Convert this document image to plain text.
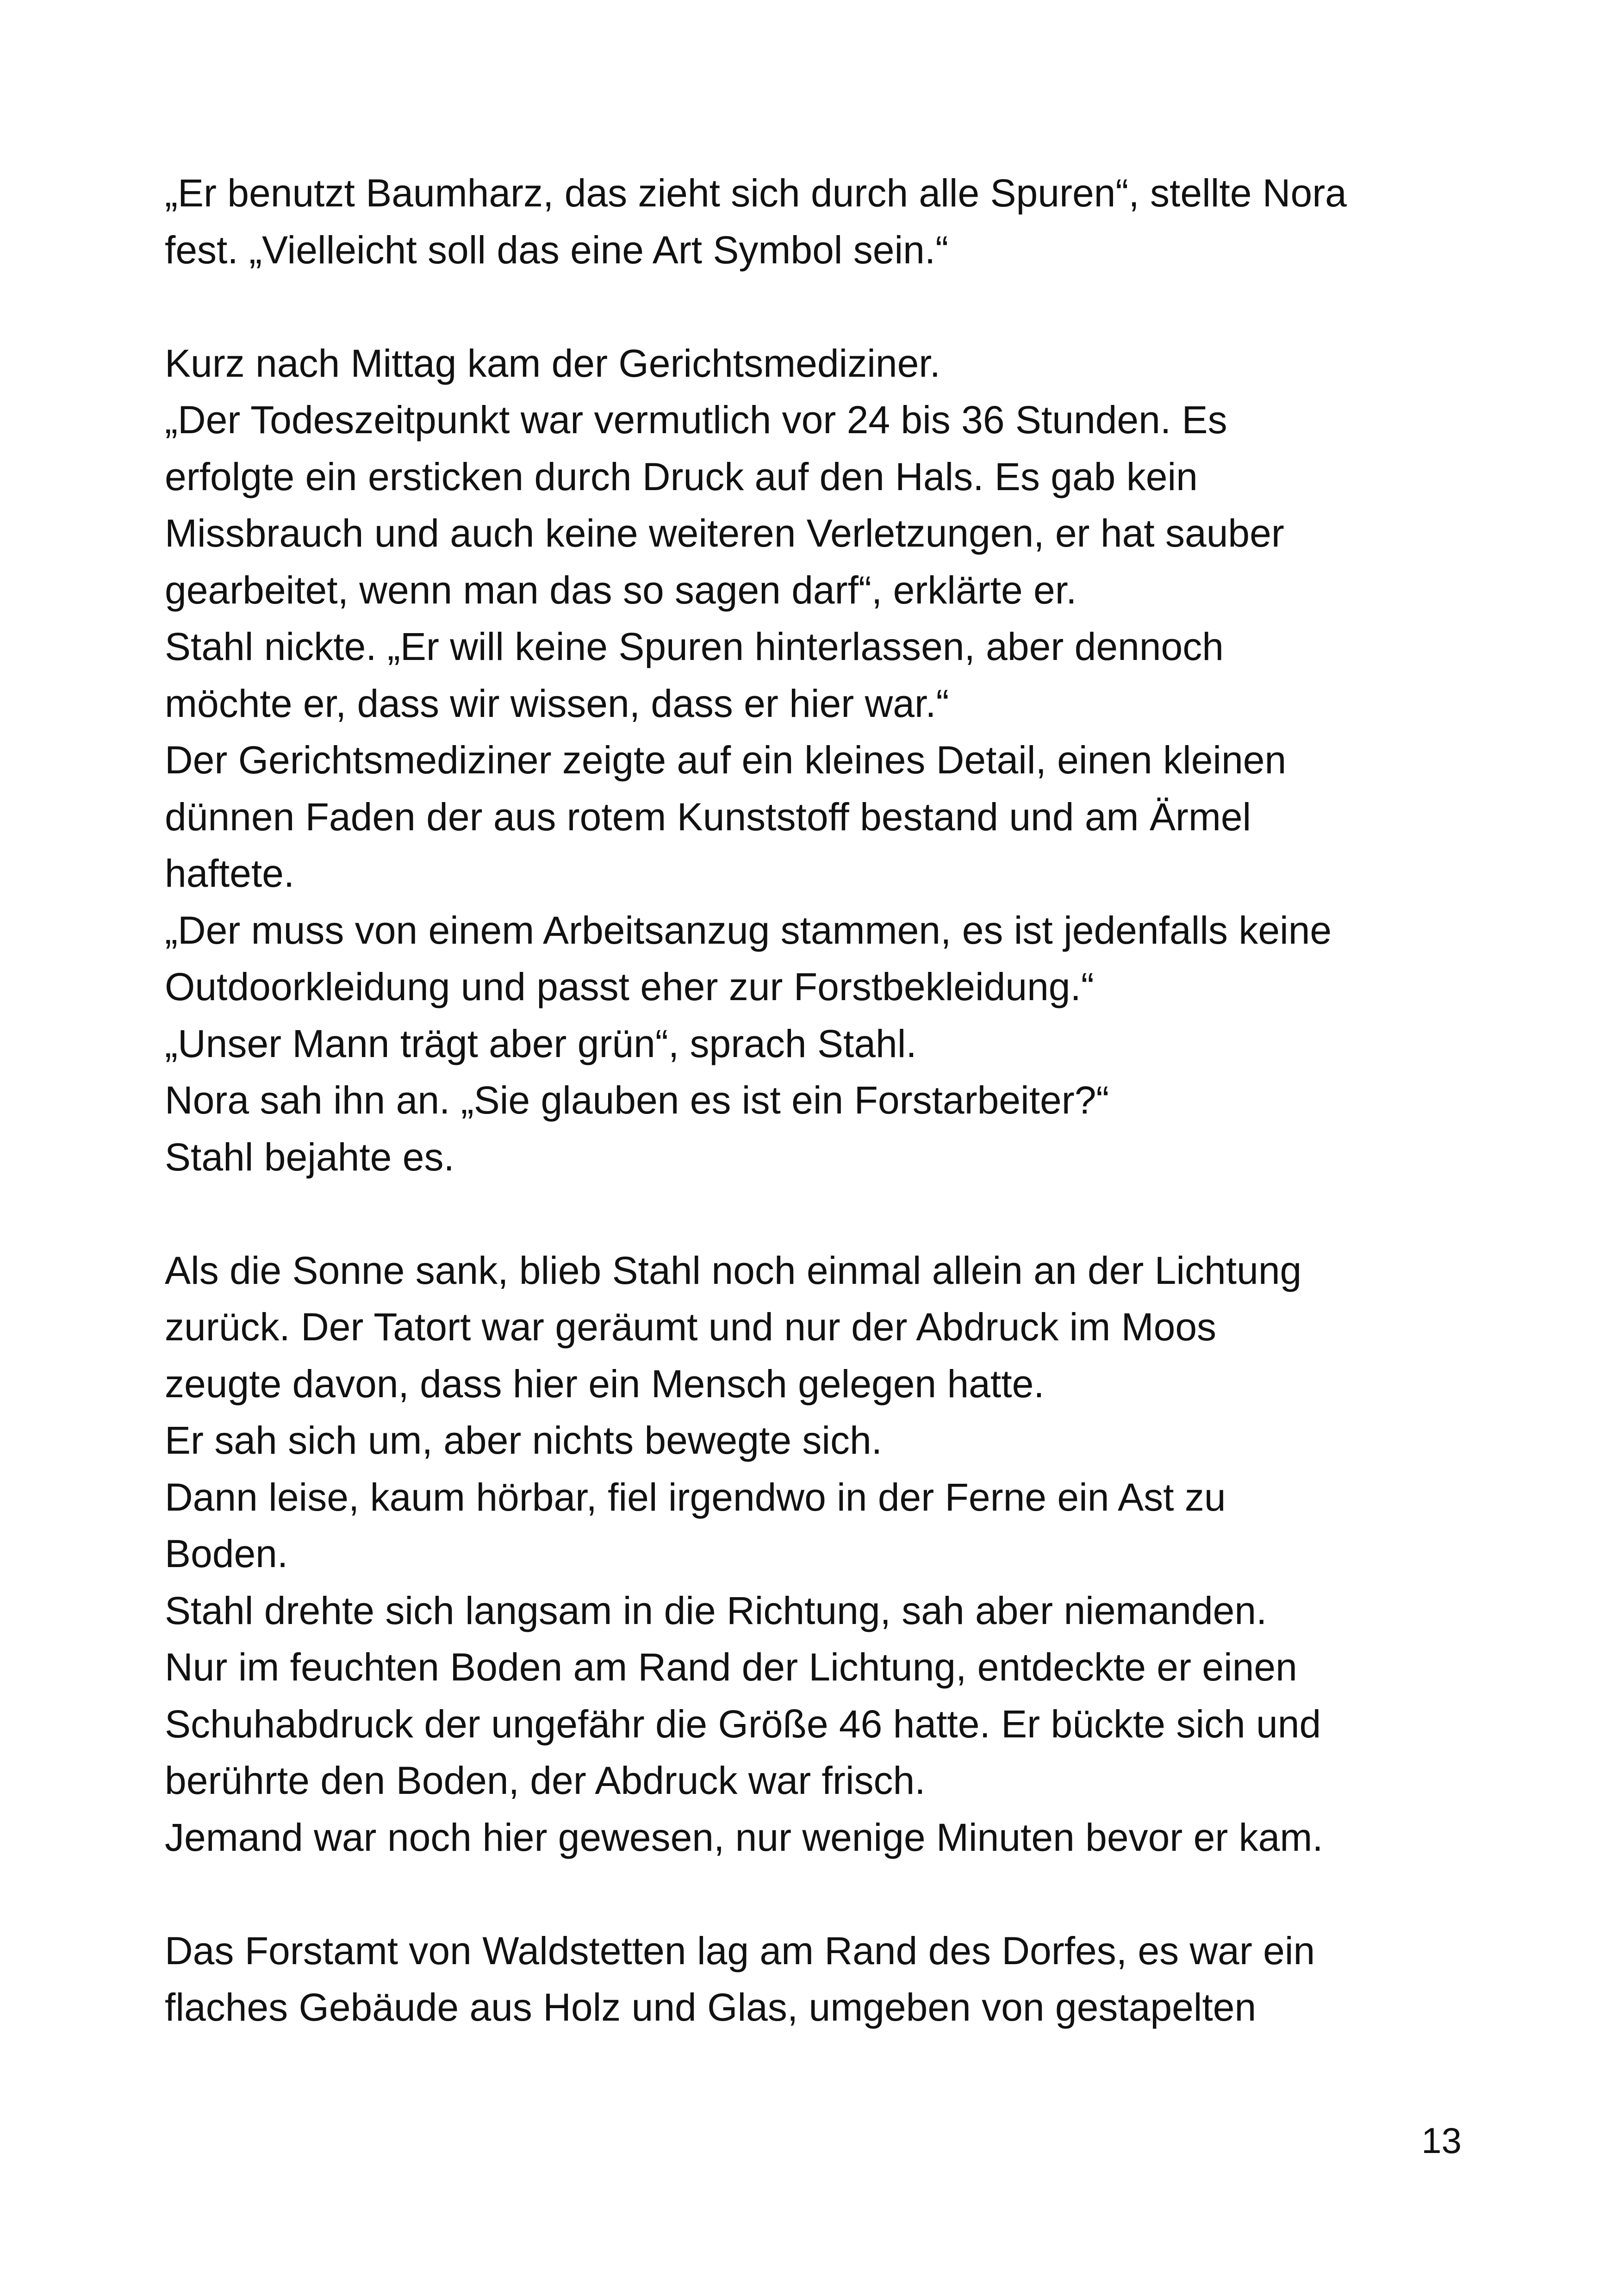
„Er benutzt Baumharz, das zieht sich durch alle Spuren“, stellte Nora
fest. „Vielleicht soll das eine Art Symbol sein.“
Kurz nach Mittag kam der Gerichtsmediziner.
„Der Todeszeitpunkt war vermutlich vor 24 bis 36 Stunden. Es
erfolgte ein ersticken durch Druck auf den Hals. Es gab kein
Missbrauch und auch keine weiteren Verletzungen, er hat sauber
gearbeitet, wenn man das so sagen darf“, erklärte er.
Stahl nickte. „Er will keine Spuren hinterlassen, aber dennoch
möchte er, dass wir wissen, dass er hier war.“
Der Gerichtsmediziner zeigte auf ein kleines Detail, einen kleinen
dünnen Faden der aus rotem Kunststoff bestand und am Ärmel
haftete.
„Der muss von einem Arbeitsanzug stammen, es ist jedenfalls keine
Outdoorkleidung und passt eher zur Forstbekleidung.“
„Unser Mann trägt aber grün“, sprach Stahl.
Nora sah ihn an. „Sie glauben es ist ein Forstarbeiter?“
Stahl bejahte es.
Als die Sonne sank, blieb Stahl noch einmal allein an der Lichtung
zurück. Der Tatort war geräumt und nur der Abdruck im Moos
zeugte davon, dass hier ein Mensch gelegen hatte.
Er sah sich um, aber nichts bewegte sich.
Dann leise, kaum hörbar, fiel irgendwo in der Ferne ein Ast zu
Boden.
Stahl drehte sich langsam in die Richtung, sah aber niemanden.
Nur im feuchten Boden am Rand der Lichtung, entdeckte er einen
Schuhabdruck der ungefähr die Größe 46 hatte. Er bückte sich und
berührte den Boden, der Abdruck war frisch.
Jemand war noch hier gewesen, nur wenige Minuten bevor er kam.
Das Forstamt von Waldstetten lag am Rand des Dorfes, es war ein
flaches Gebäude aus Holz und Glas, umgeben von gestapelten
13
